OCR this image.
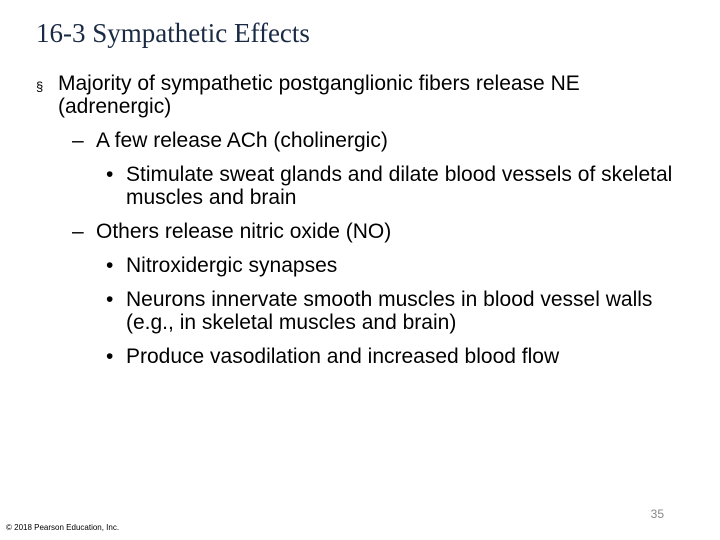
16-3 Sympathetic Effects
§ Majority of sympathetic postganglionic fibers release NE (adrenergic)
– A few release ACh (cholinergic)
• Stimulate sweat glands and dilate blood vessels of skeletal muscles and brain
– Others release nitric oxide (NO)
• Nitroxidergic synapses
• Neurons innervate smooth muscles in blood vessel walls (e.g., in skeletal muscles and brain)
• Produce vasodilation and increased blood flow
35
© 2018 Pearson Education, Inc.
